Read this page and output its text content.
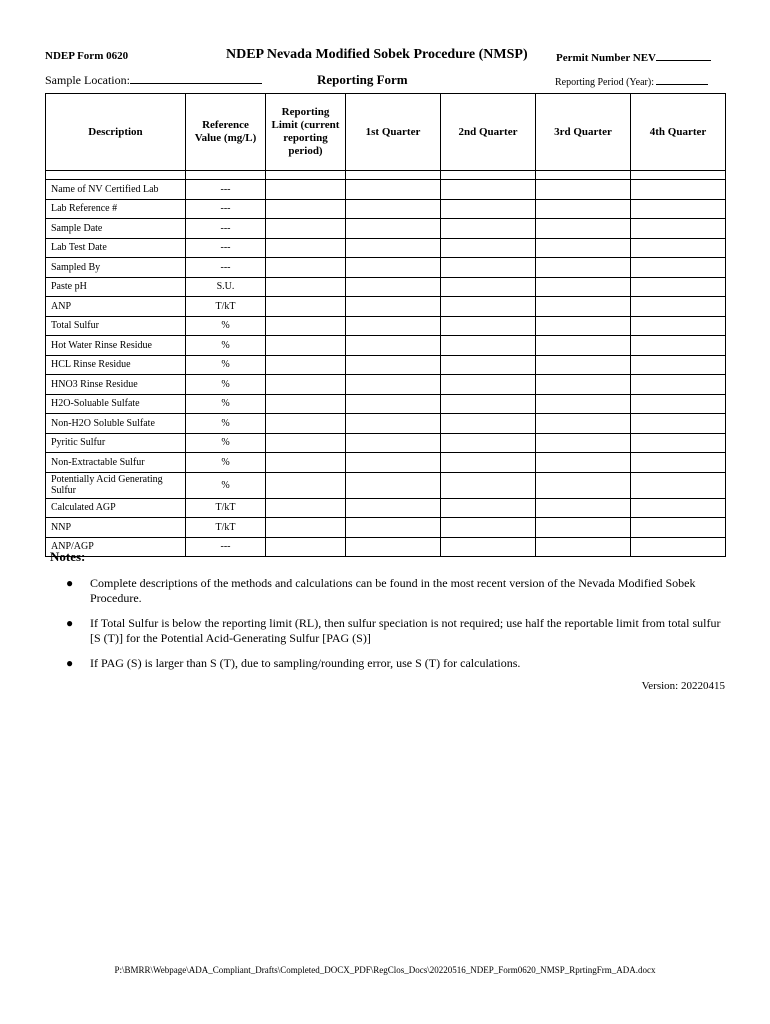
NDEP Form 0620	NDEP Nevada Modified Sobek Procedure (NMSP)	Permit Number NEV
Sample Location:	Reporting Form	Reporting Period (Year):
Description	Reference Value (mg/L)	Reporting Limit (current reporting period)	1st Quarter	2nd Quarter	3rd Quarter	4th Quarter

Name of NV Certified Lab	---					
Lab Reference #	---					
Sample Date	---					
Lab Test Date	---					
Sampled By	---					
Paste pH	S.U.					
ANP	T/kT					
Total Sulfur	%					
Hot Water Rinse Residue	%					
HCL Rinse Residue	%					
HNO3 Rinse Residue	%					
H2O-Soluable Sulfate	%					
Non-H2O Soluble Sulfate	%					
Pyritic Sulfur	%					
Non-Extractable Sulfur	%					
Potentially Acid Generating Sulfur	%					
Calculated AGP	T/kT					
NNP	T/kT					
ANP/AGP	---					
Notes:
● Complete descriptions of the methods and calculations can be found in the most recent version of the Nevada Modified Sobek Procedure.
● If Total Sulfur is below the reporting limit (RL), then sulfur speciation is not required; use half the reportable limit from total sulfur [S (T)] for the Potential Acid-Generating Sulfur [PAG (S)]
● If PAG (S) is larger than S (T), due to sampling/rounding error, use S (T) for calculations.
Version: 20220415
P:\BMRR\Webpage\ADA_Compliant_Drafts\Completed_DOCX_PDF\RegClos_Docs\20220516_NDEP_Form0620_NMSP_RprtingFrm_ADA.docx
